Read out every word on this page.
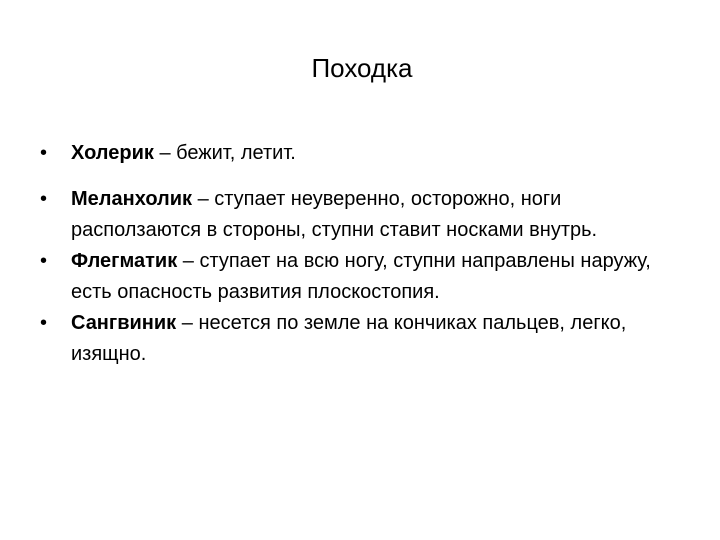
Походка
•	Холерик – бежит, летит.
•	Меланхолик – ступает неуверенно, осторожно, ноги расползаются в стороны, ступни ставит носками внутрь.
•	Флегматик – ступает на всю ногу, ступни направлены наружу, есть опасность развития плоскостопия.
•	Сангвиник – несется по земле на кончиках пальцев, легко, изящно.
